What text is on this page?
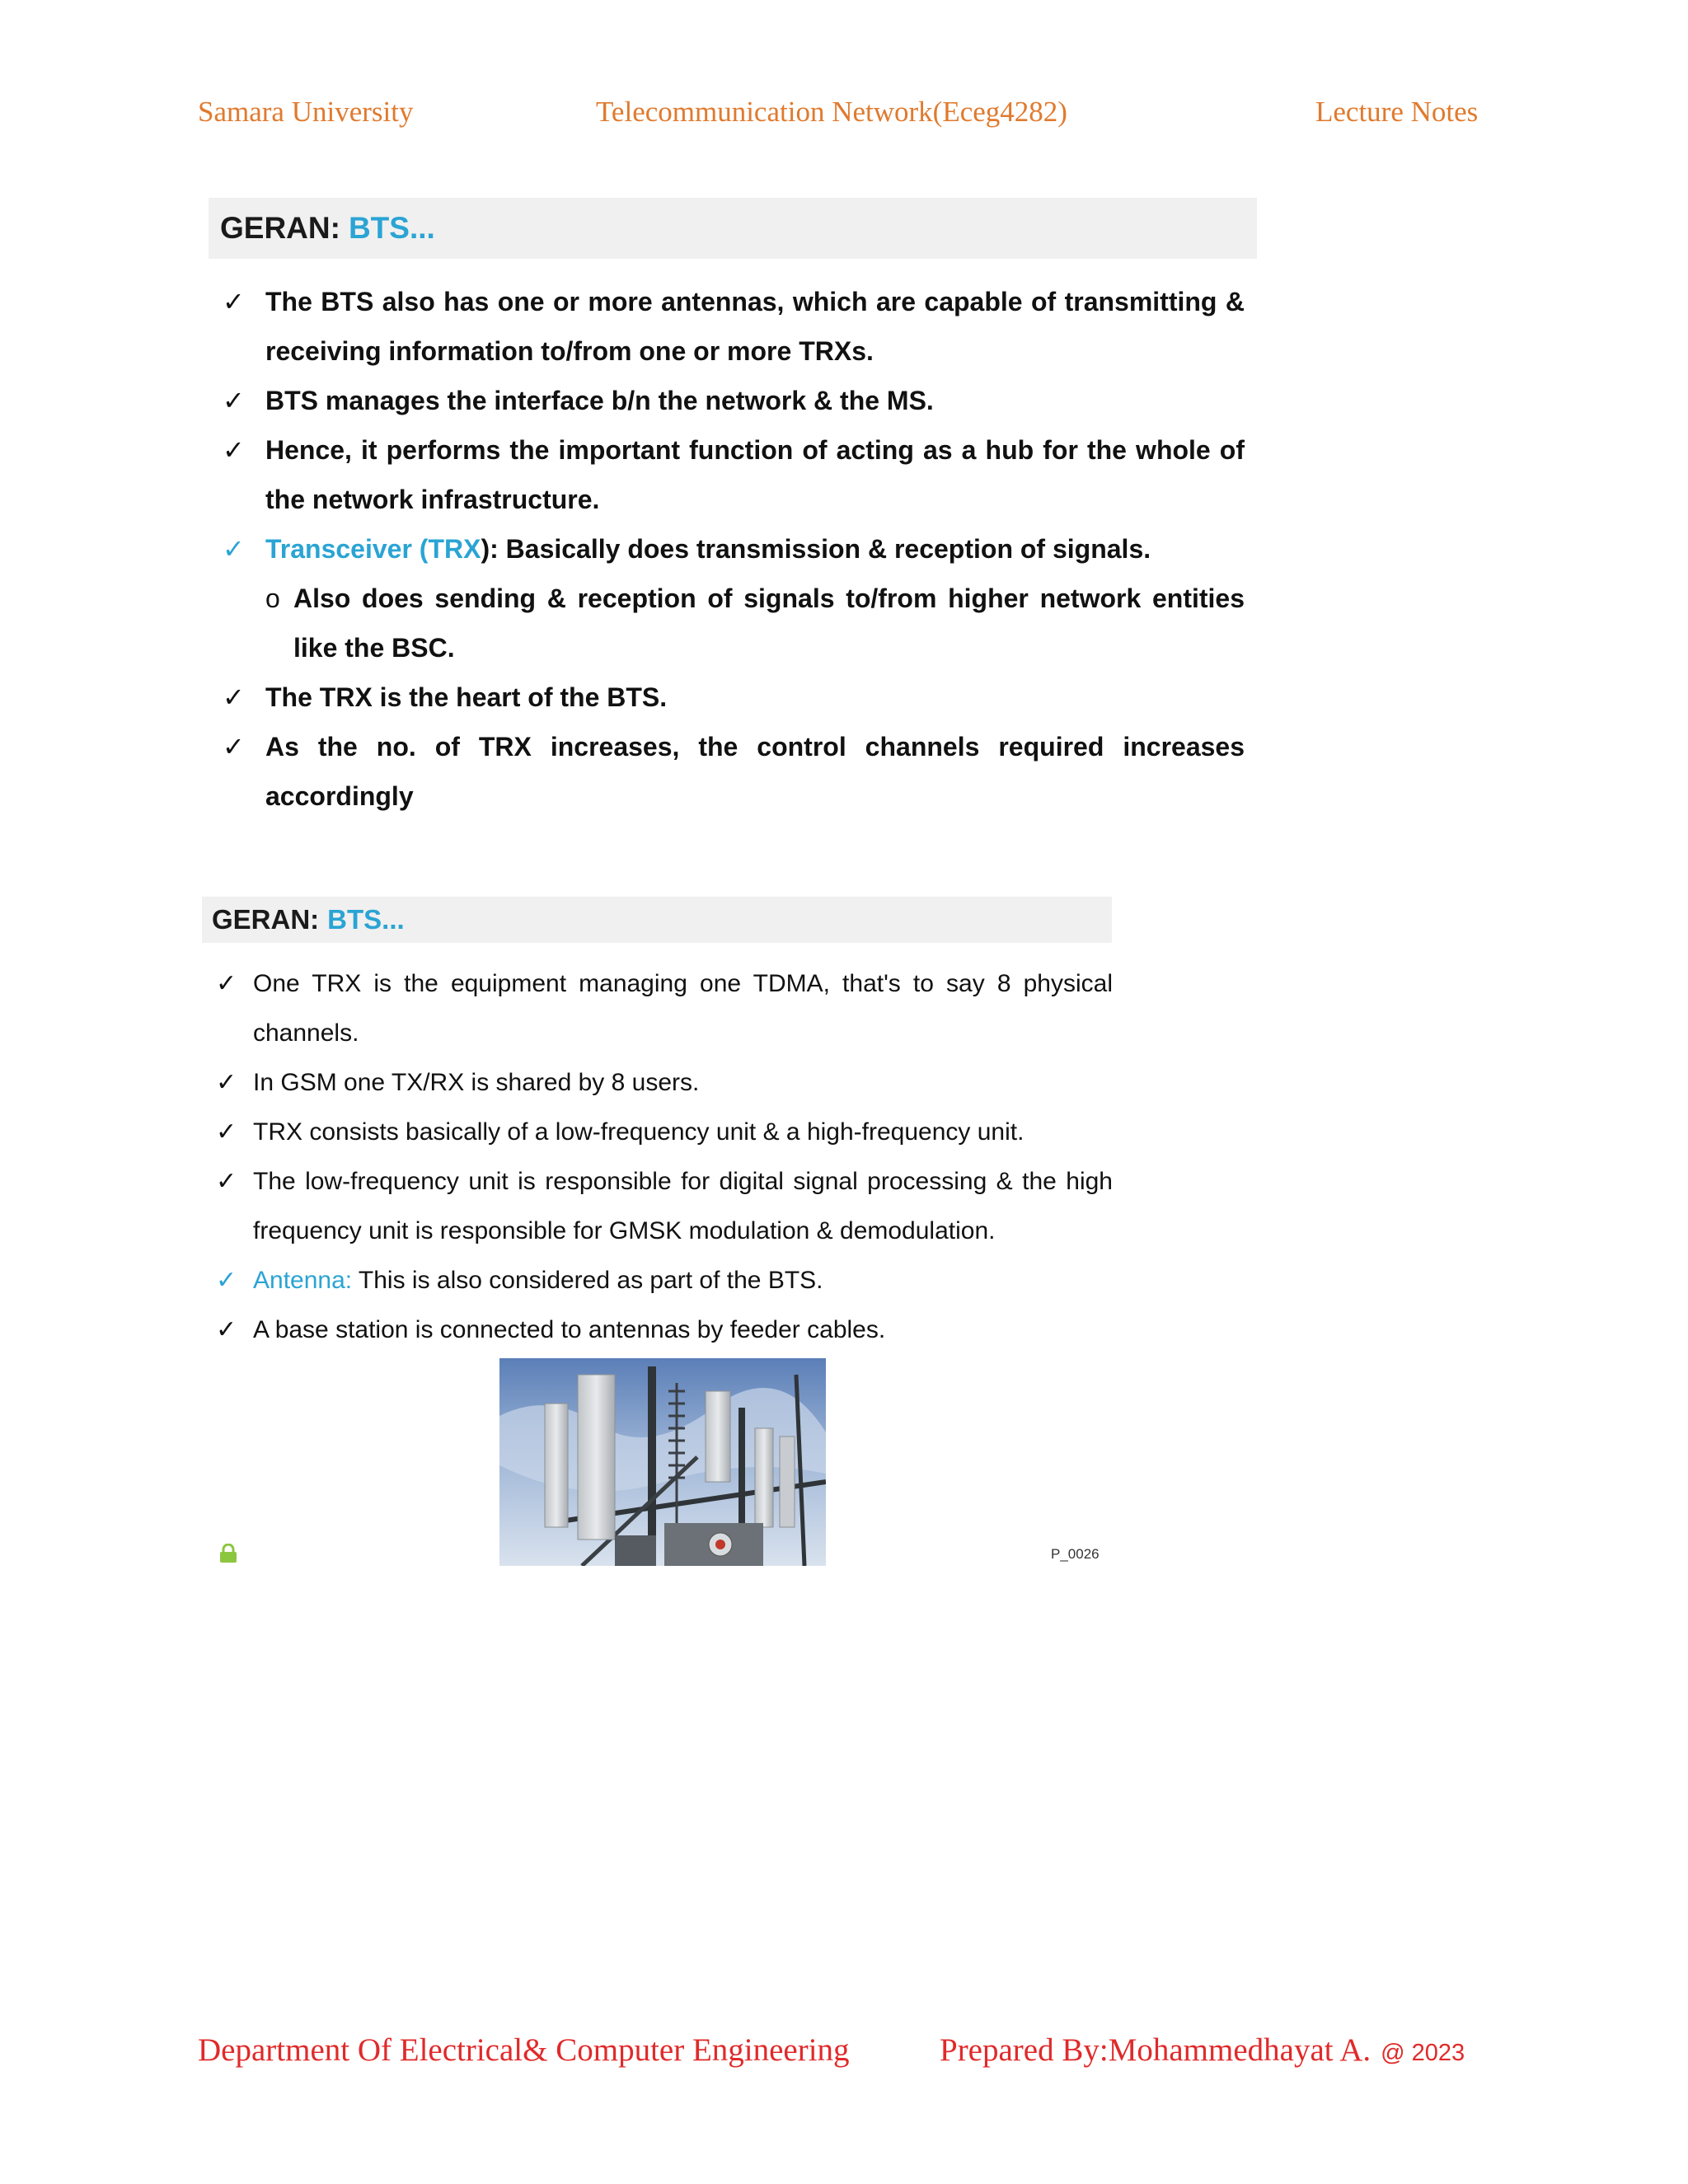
Samara University	Telecommunication Network(Eceg4282)	Lecture Notes
GERAN: BTS...
✓ The BTS also has one or more antennas, which are capable of transmitting & receiving information to/from one or more TRXs.
✓ BTS manages the interface b/n the network & the MS.
✓ Hence, it performs the important function of acting as a hub for the whole of the network infrastructure.
✓ Transceiver (TRX): Basically does transmission & reception of signals.
o Also does sending & reception of signals to/from higher network entities like the BSC.
✓ The TRX is the heart of the BTS.
✓ As the no. of TRX increases, the control channels required increases accordingly
GERAN: BTS...
✓ One TRX is the equipment managing one TDMA, that's to say 8 physical channels.
✓ In GSM one TX/RX is shared by 8 users.
✓ TRX consists basically of a low-frequency unit & a high-frequency unit.
✓ The low-frequency unit is responsible for digital signal processing & the high frequency unit is responsible for GMSK modulation & demodulation.
✓ Antenna: This is also considered as part of the BTS.
✓ A base station is connected to antennas by feeder cables.
P_0026
Department Of Electrical& Computer Engineering	Prepared By:Mohammedhayat A. @ 2023
